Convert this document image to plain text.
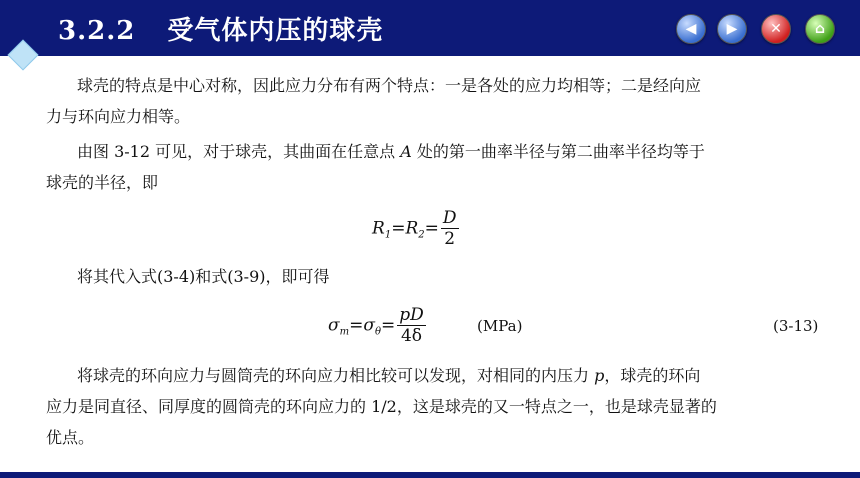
3.2.2 受气体内压的球壳	◀ ▶ ✕ ⌂
球壳的特点是中心对称，因此应力分布有两个特点：一是各处的应力均相等；二是经向应
力与环向应力相等。
由图 3-12 可见，对于球壳，其曲面在任意点 A 处的第一曲率半径与第二曲率半径均等于
球壳的半径，即
$R_1=R_2= \frac{D}{2}$
将其代入式(3-4)和式(3-9)，即可得
$\sigma_m=\sigma_\theta= \frac{pD}{4\delta}$	(MPa)	(3-13)
将球壳的环向应力与圆筒壳的环向应力相比较可以发现，对相同的内压力 p，球壳的环向
应力是同直径、同厚度的圆筒壳的环向应力的 1/2，这是球壳的又一特点之一，也是球壳显著的
优点。
